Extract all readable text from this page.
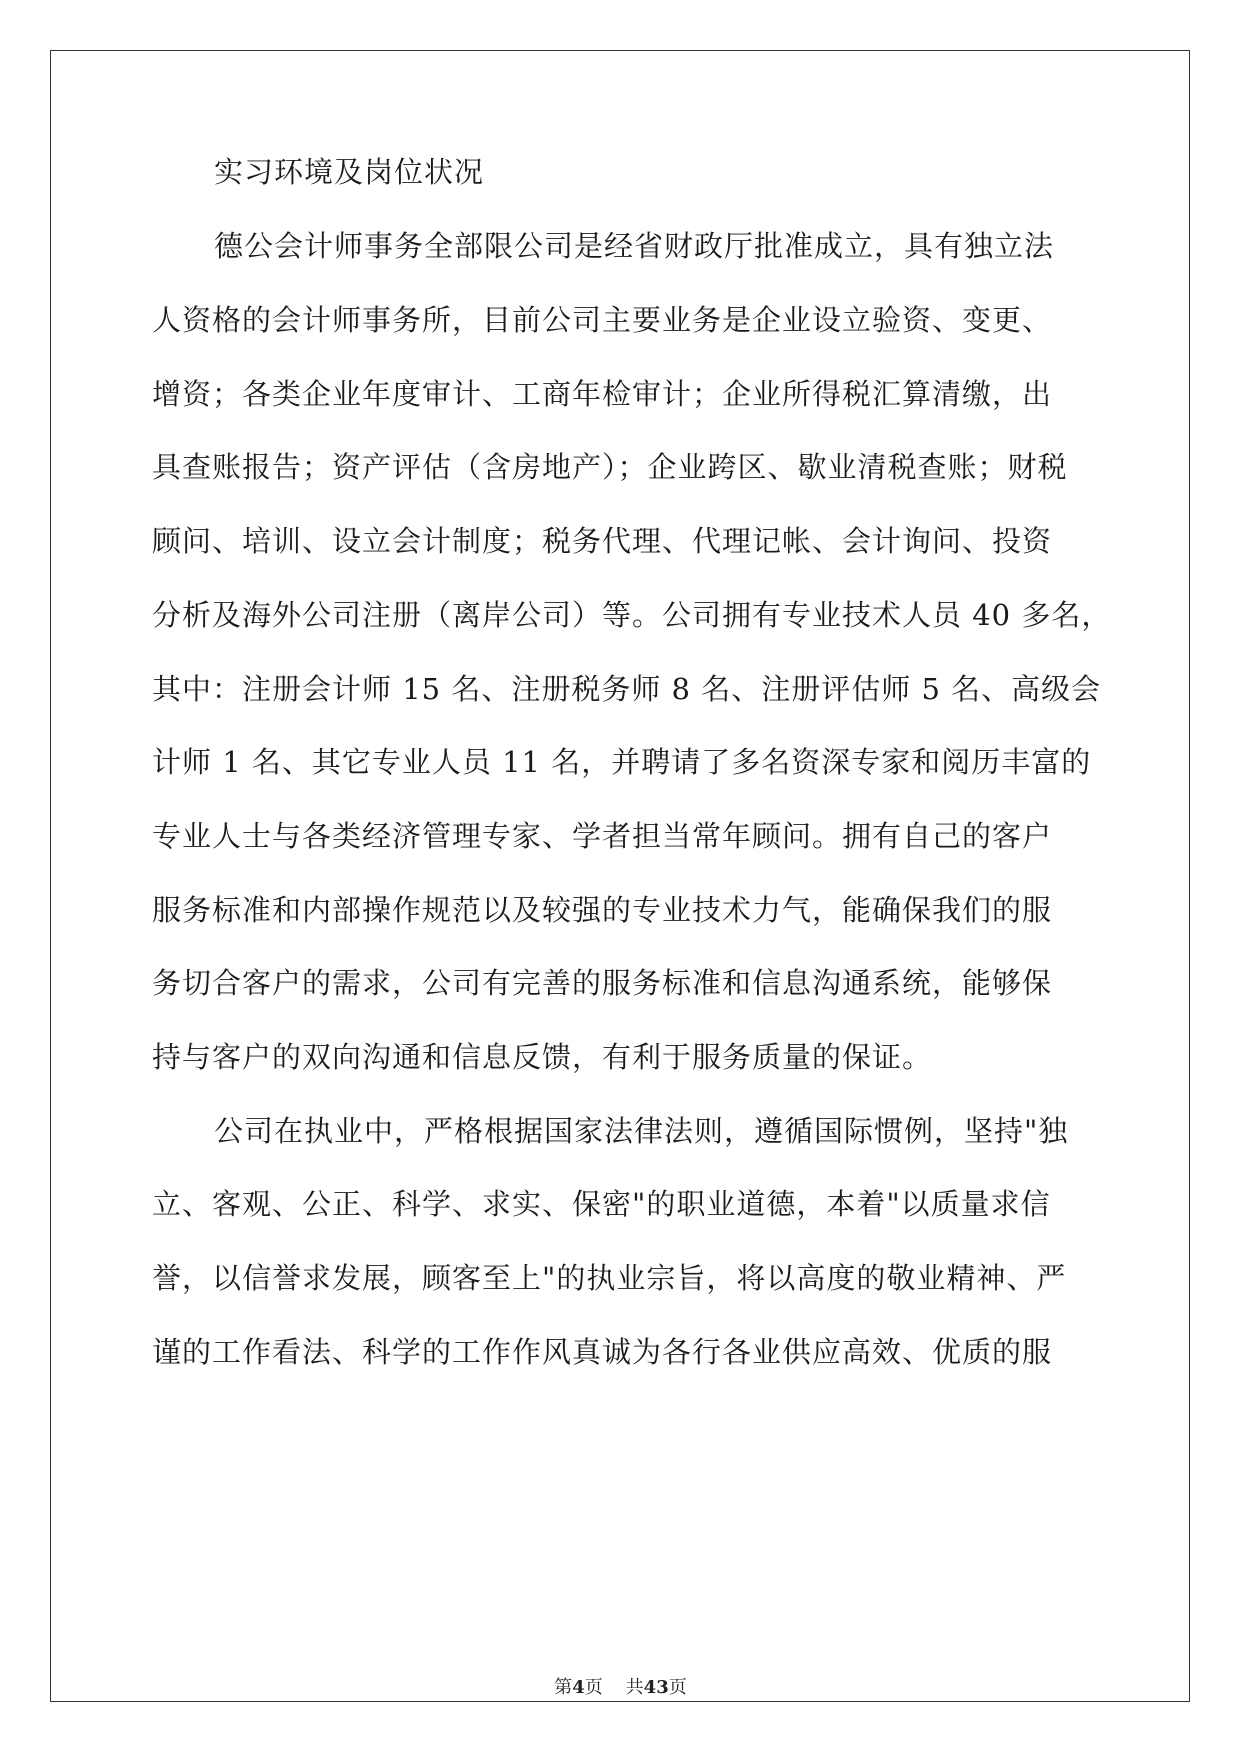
实习环境及岗位状况
德公会计师事务全部限公司是经省财政厅批准成立，具有独立法
人资格的会计师事务所，目前公司主要业务是企业设立验资、变更、
增资；各类企业年度审计、工商年检审计；企业所得税汇算清缴，出
具查账报告；资产评估（含房地产）；企业跨区、歇业清税查账；财税
顾问、培训、设立会计制度；税务代理、代理记帐、会计询问、投资
分析及海外公司注册（离岸公司）等。公司拥有专业技术人员 40 多名，
其中：注册会计师 15 名、注册税务师 8 名、注册评估师 5 名、高级会
计师 1 名、其它专业人员 11 名，并聘请了多名资深专家和阅历丰富的
专业人士与各类经济管理专家、学者担当常年顾问。拥有自己的客户
服务标准和内部操作规范以及较强的专业技术力气，能确保我们的服
务切合客户的需求，公司有完善的服务标准和信息沟通系统，能够保
持与客户的双向沟通和信息反馈，有利于服务质量的保证。
公司在执业中，严格根据国家法律法则，遵循国际惯例，坚持"独
立、客观、公正、科学、求实、保密"的职业道德，本着"以质量求信
誉，以信誉求发展，顾客至上"的执业宗旨，将以高度的敬业精神、严
谨的工作看法、科学的工作作风真诚为各行各业供应高效、优质的服
第4页 共43页
